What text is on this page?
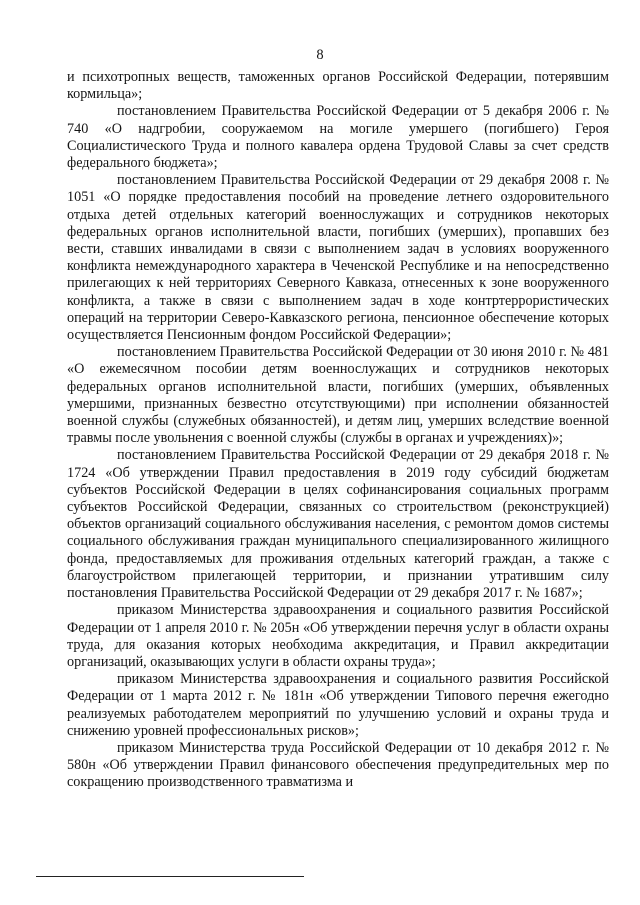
8

и психотропных веществ, таможенных органов Российской Федерации, потерявшим кормильца»;

постановлением Правительства Российской Федерации от 5 декабря 2006 г. № 740 «О надгробии, сооружаемом на могиле умершего (погибшего) Героя Социалистического Труда и полного кавалера ордена Трудовой Славы за счет средств федерального бюджета»;

постановлением Правительства Российской Федерации от 29 декабря 2008 г. № 1051 «О порядке предоставления пособий на проведение летнего оздоровительного отдыха детей отдельных категорий военнослужащих и сотрудников некоторых федеральных органов исполнительной власти, погибших (умерших), пропавших без вести, ставших инвалидами в связи с выполнением задач в условиях вооруженного конфликта немеждународного характера в Чеченской Республике и на непосредственно прилегающих к ней территориях Северного Кавказа, отнесенных к зоне вооруженного конфликта, а также в связи с выполнением задач в ходе контртеррористических операций на территории Северо-Кавказского региона, пенсионное обеспечение которых осуществляется Пенсионным фондом Российской Федерации»;

постановлением Правительства Российской Федерации от 30 июня 2010 г. № 481 «О ежемесячном пособии детям военнослужащих и сотрудников некоторых федеральных органов исполнительной власти, погибших (умерших, объявленных умершими, признанных безвестно отсутствующими) при исполнении обязанностей военной службы (служебных обязанностей), и детям лиц, умерших вследствие военной травмы после увольнения с военной службы (службы в органах и учреждениях)»;

постановлением Правительства Российской Федерации от 29 декабря 2018 г. № 1724 «Об утверждении Правил предоставления в 2019 году субсидий бюджетам субъектов Российской Федерации в целях софинансирования социальных программ субъектов Российской Федерации, связанных со строительством (реконструкцией) объектов организаций социального обслуживания населения, с ремонтом домов системы социального обслуживания граждан муниципального специализированного жилищного фонда, предоставляемых для проживания отдельных категорий граждан, а также с благоустройством прилегающей территории, и признании утратившим силу постановления Правительства Российской Федерации от 29 декабря 2017 г. № 1687»;

приказом Министерства здравоохранения и социального развития Российской Федерации от 1 апреля 2010 г. № 205н «Об утверждении перечня услуг в области охраны труда, для оказания которых необходима аккредитация, и Правил аккредитации организаций, оказывающих услуги в области охраны труда»;

приказом Министерства здравоохранения и социального развития Российской Федерации от 1 марта 2012 г. № 181н «Об утверждении Типового перечня ежегодно реализуемых работодателем мероприятий по улучшению условий и охраны труда и снижению уровней профессиональных рисков»;

приказом Министерства труда Российской Федерации от 10 декабря 2012 г. № 580н «Об утверждении Правил финансового обеспечения предупредительных мер по сокращению производственного травматизма и
